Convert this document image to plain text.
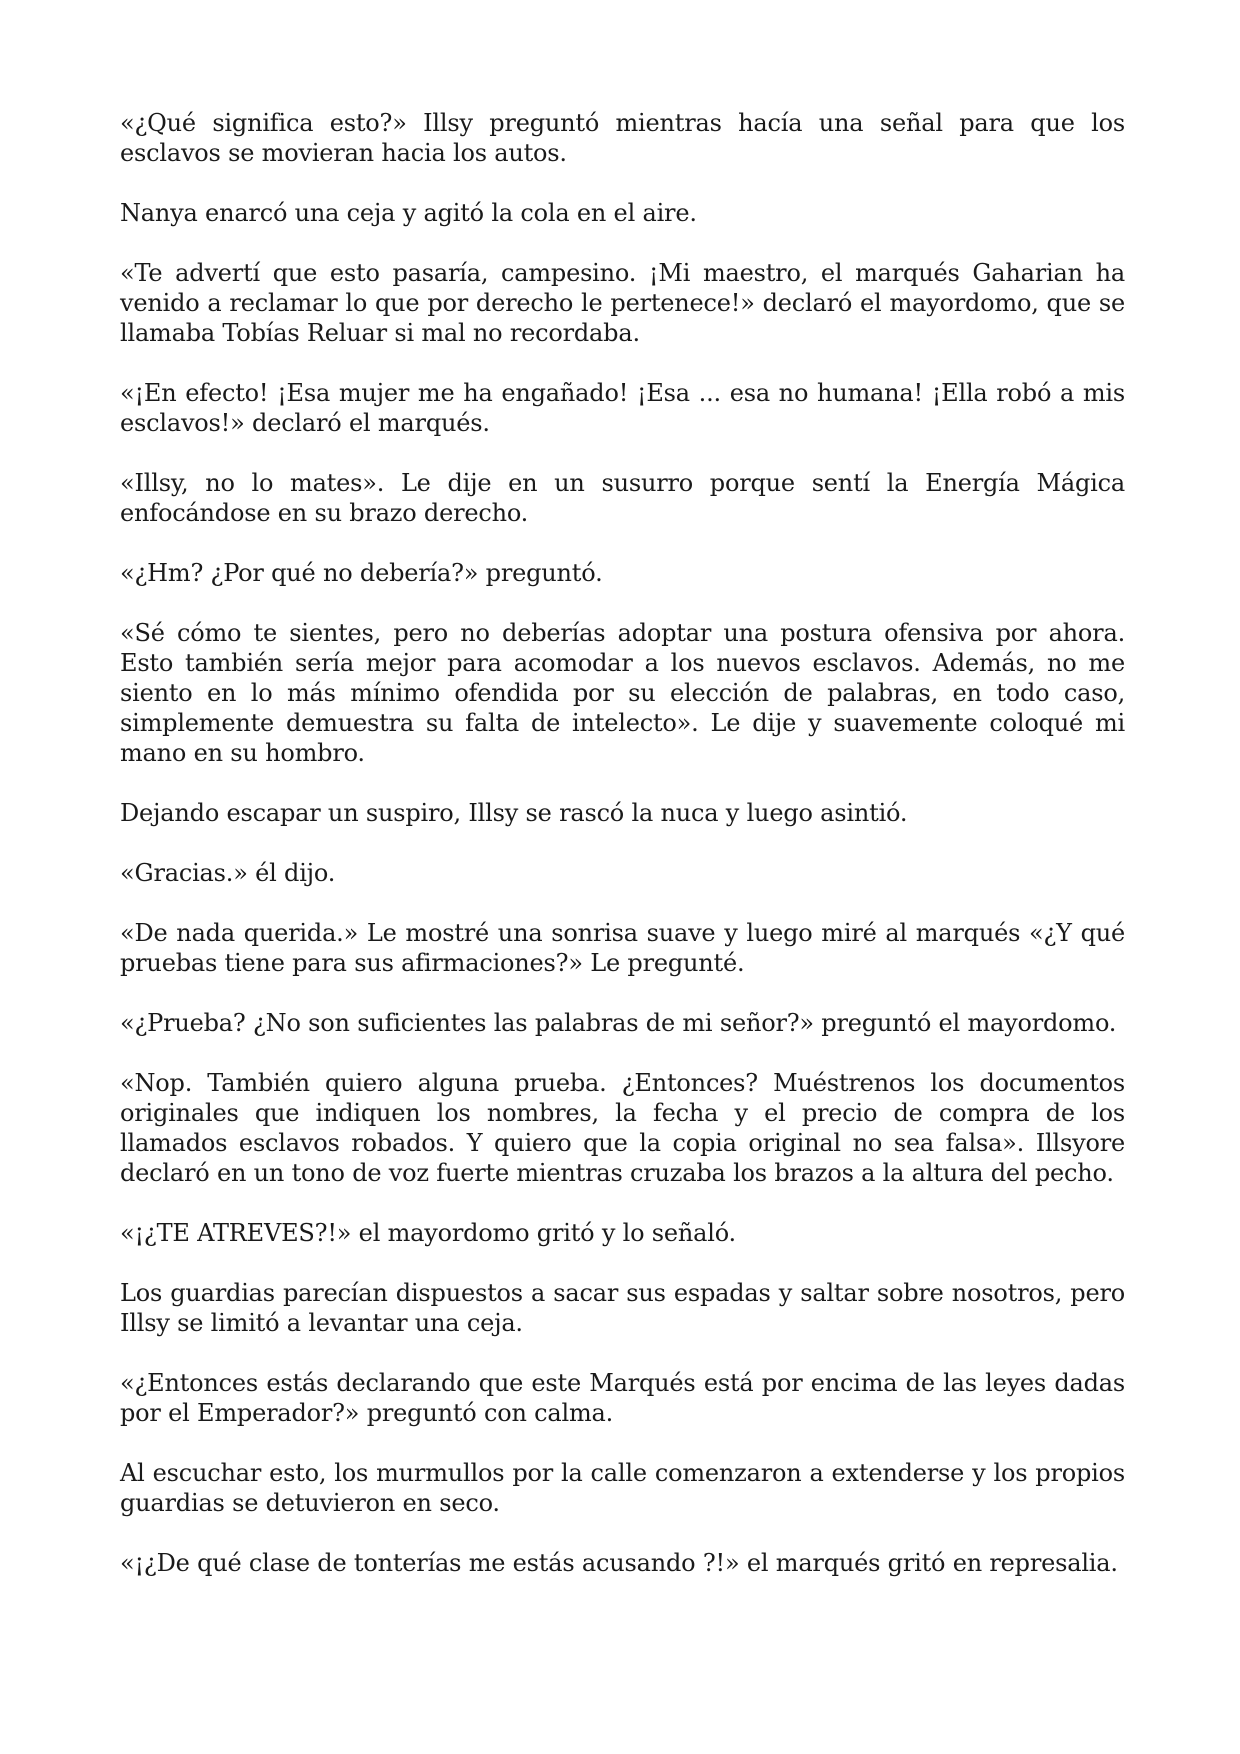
«¿Qué significa esto?» Illsy preguntó mientras hacía una señal para que los esclavos se movieran hacia los autos.

Nanya enarcó una ceja y agitó la cola en el aire.

«Te advertí que esto pasaría, campesino. ¡Mi maestro, el marqués Gaharian ha venido a reclamar lo que por derecho le pertenece!» declaró el mayordomo, que se llamaba Tobías Reluar si mal no recordaba.

«¡En efecto! ¡Esa mujer me ha engañado! ¡Esa ... esa no humana! ¡Ella robó a mis esclavos!» declaró el marqués.

«Illsy, no lo mates». Le dije en un susurro porque sentí la Energía Mágica enfocándose en su brazo derecho.

«¿Hm? ¿Por qué no debería?» preguntó.

«Sé cómo te sientes, pero no deberías adoptar una postura ofensiva por ahora. Esto también sería mejor para acomodar a los nuevos esclavos. Además, no me siento en lo más mínimo ofendida por su elección de palabras, en todo caso, simplemente demuestra su falta de intelecto». Le dije y suavemente coloqué mi mano en su hombro.

Dejando escapar un suspiro, Illsy se rascó la nuca y luego asintió.

«Gracias.» él dijo.

«De nada querida.» Le mostré una sonrisa suave y luego miré al marqués «¿Y qué pruebas tiene para sus afirmaciones?» Le pregunté.

«¿Prueba? ¿No son suficientes las palabras de mi señor?» preguntó el mayordomo.

«Nop. También quiero alguna prueba. ¿Entonces? Muéstrenos los documentos originales que indiquen los nombres, la fecha y el precio de compra de los llamados esclavos robados. Y quiero que la copia original no sea falsa». Illsyore declaró en un tono de voz fuerte mientras cruzaba los brazos a la altura del pecho.

«¡¿TE ATREVES?!» el mayordomo gritó y lo señaló.

Los guardias parecían dispuestos a sacar sus espadas y saltar sobre nosotros, pero Illsy se limitó a levantar una ceja.

«¿Entonces estás declarando que este Marqués está por encima de las leyes dadas por el Emperador?» preguntó con calma.

Al escuchar esto, los murmullos por la calle comenzaron a extenderse y los propios guardias se detuvieron en seco.

«¡¿De qué clase de tonterías me estás acusando ?!» el marqués gritó en represalia.
